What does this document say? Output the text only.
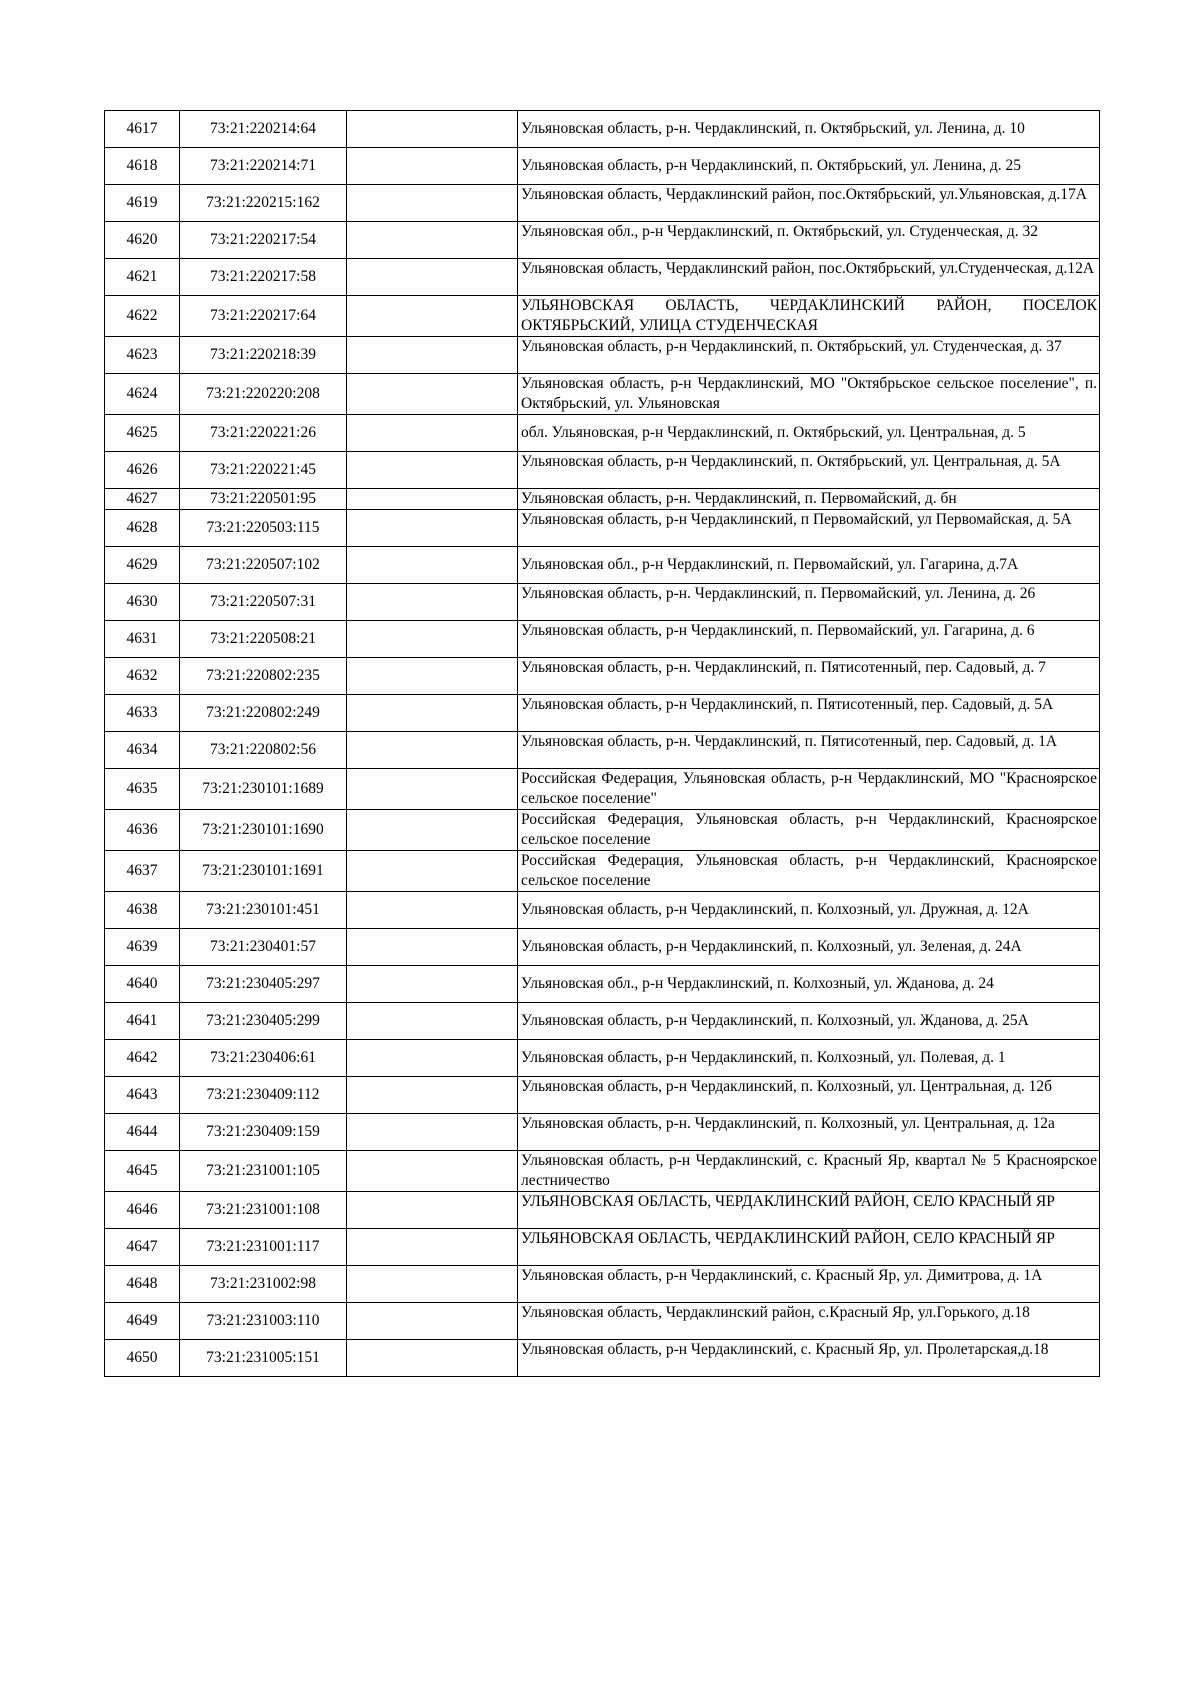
4617	73:21:220214:64		Ульяновская область, р-н. Чердаклинский, п. Октябрьский, ул. Ленина, д. 10
4618	73:21:220214:71		Ульяновская область, р-н Чердаклинский, п. Октябрьский, ул. Ленина, д. 25
4619	73:21:220215:162		Ульяновская область, Чердаклинский район, пос.Октябрьский, ул.Ульяновская, д.17А
4620	73:21:220217:54		Ульяновская обл., р-н Чердаклинский, п. Октябрьский, ул. Студенческая, д. 32
4621	73:21:220217:58		Ульяновская область, Чердаклинский район, пос.Октябрьский, ул.Студенческая, д.12А
4622	73:21:220217:64		УЛЬЯНОВСКАЯ ОБЛАСТЬ, ЧЕРДАКЛИНСКИЙ РАЙОН, ПОСЕЛОК ОКТЯБРЬСКИЙ, УЛИЦА СТУДЕНЧЕСКАЯ
4623	73:21:220218:39		Ульяновская область, р-н Чердаклинский, п. Октябрьский, ул. Студенческая, д. 37
4624	73:21:220220:208		Ульяновская область, р-н Чердаклинский, МО "Октябрьское сельское поселение", п. Октябрьский, ул. Ульяновская
4625	73:21:220221:26		обл. Ульяновская, р-н Чердаклинский, п. Октябрьский, ул. Центральная, д. 5
4626	73:21:220221:45		Ульяновская область, р-н Чердаклинский, п. Октябрьский, ул. Центральная, д. 5А
4627	73:21:220501:95		Ульяновская область, р-н. Чердаклинский, п. Первомайский, д. бн
4628	73:21:220503:115		Ульяновская область, р-н Чердаклинский, п Первомайский, ул Первомайская, д. 5А
4629	73:21:220507:102		Ульяновская обл., р-н Чердаклинский, п. Первомайский, ул. Гагарина, д.7А
4630	73:21:220507:31		Ульяновская область, р-н. Чердаклинский, п. Первомайский, ул. Ленина, д. 26
4631	73:21:220508:21		Ульяновская область, р-н Чердаклинский, п. Первомайский, ул. Гагарина, д. 6
4632	73:21:220802:235		Ульяновская область, р-н. Чердаклинский, п. Пятисотенный, пер. Садовый, д. 7
4633	73:21:220802:249		Ульяновская область, р-н Чердаклинский, п. Пятисотенный, пер. Садовый, д. 5А
4634	73:21:220802:56		Ульяновская область, р-н. Чердаклинский, п. Пятисотенный, пер. Садовый, д. 1А
4635	73:21:230101:1689		Российская Федерация, Ульяновская область, р-н Чердаклинский, МО "Красноярское сельское поселение"
4636	73:21:230101:1690		Российская Федерация, Ульяновская область, р-н Чердаклинский, Красноярское сельское поселение
4637	73:21:230101:1691		Российская Федерация, Ульяновская область, р-н Чердаклинский, Красноярское сельское поселение
4638	73:21:230101:451		Ульяновская область, р-н Чердаклинский, п. Колхозный, ул. Дружная, д. 12А
4639	73:21:230401:57		Ульяновская область, р-н Чердаклинский, п. Колхозный, ул. Зеленая, д. 24А
4640	73:21:230405:297		Ульяновская обл., р-н Чердаклинский, п. Колхозный, ул. Жданова, д. 24
4641	73:21:230405:299		Ульяновская область, р-н Чердаклинский, п. Колхозный, ул. Жданова, д. 25А
4642	73:21:230406:61		Ульяновская область, р-н Чердаклинский, п. Колхозный, ул. Полевая, д. 1
4643	73:21:230409:112		Ульяновская область, р-н Чердаклинский, п. Колхозный, ул. Центральная, д. 12б
4644	73:21:230409:159		Ульяновская область, р-н. Чердаклинский, п. Колхозный, ул. Центральная, д. 12а
4645	73:21:231001:105		Ульяновская область, р-н Чердаклинский, с. Красный Яр, квартал № 5 Красноярское лестничество
4646	73:21:231001:108		УЛЬЯНОВСКАЯ ОБЛАСТЬ, ЧЕРДАКЛИНСКИЙ РАЙОН, СЕЛО КРАСНЫЙ ЯР
4647	73:21:231001:117		УЛЬЯНОВСКАЯ ОБЛАСТЬ, ЧЕРДАКЛИНСКИЙ РАЙОН, СЕЛО КРАСНЫЙ ЯР
4648	73:21:231002:98		Ульяновская область, р-н Чердаклинский, с. Красный Яр, ул. Димитрова, д. 1А
4649	73:21:231003:110		Ульяновская область, Чердаклинский район, с.Красный Яр, ул.Горького, д.18
4650	73:21:231005:151		Ульяновская область, р-н Чердаклинский, с. Красный Яр, ул. Пролетарская,д.18
